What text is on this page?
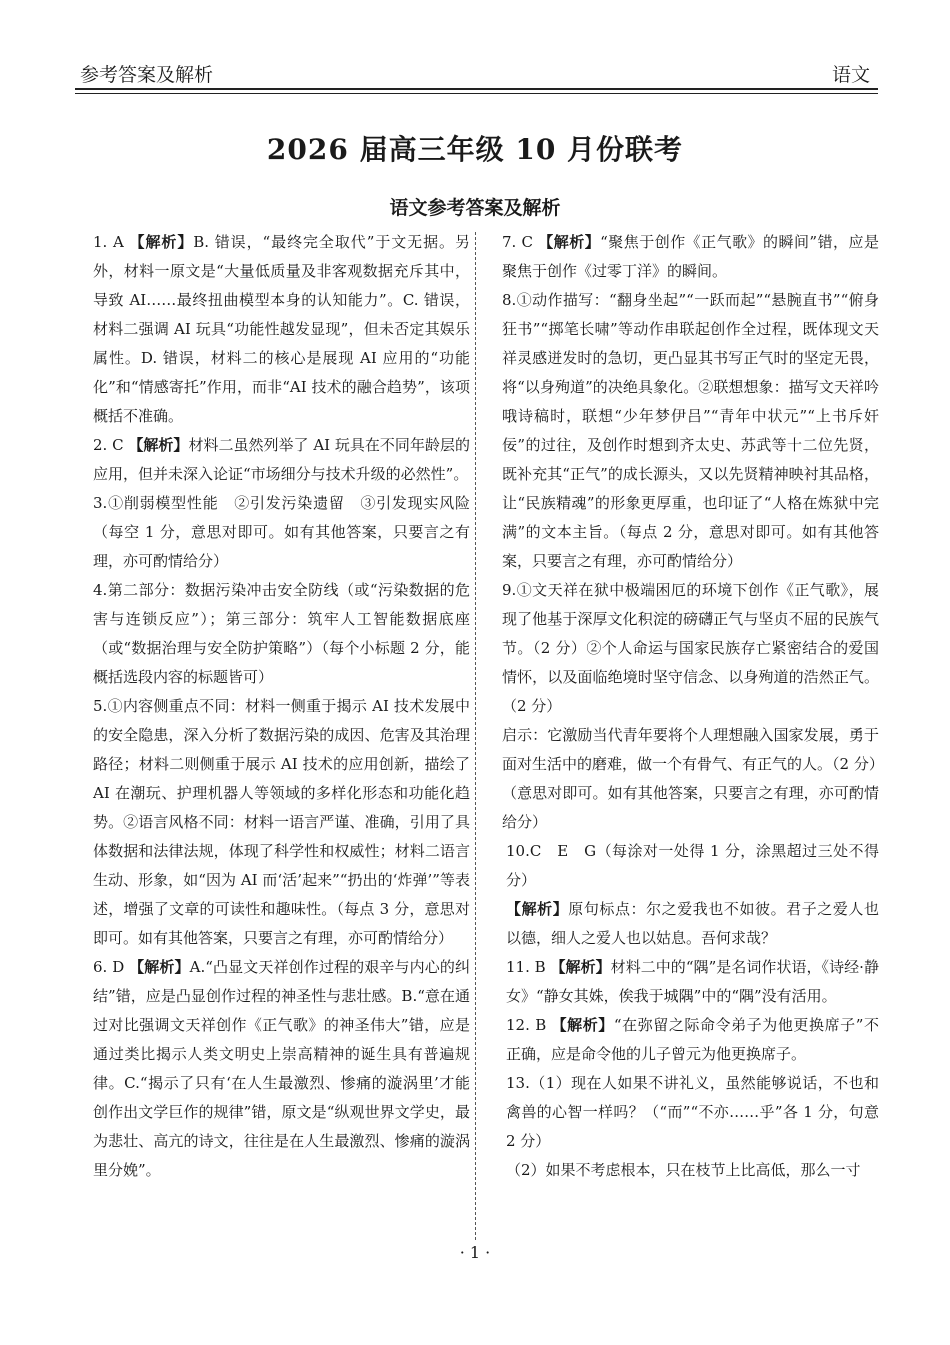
参考答案及解析	语文
2026 届高三年级 10 月份联考
语文参考答案及解析

1. A 【解析】B. 错误，“最终完全取代”于文无据。另外，材料一原文是“大量低质量及非客观数据充斥其中，导致 AI……最终扭曲模型本身的认知能力”。C. 错误，材料二强调 AI 玩具“功能性越发显现”，但未否定其娱乐属性。D. 错误，材料二的核心是展现 AI 应用的“功能化”和“情感寄托”作用，而非“AI 技术的融合趋势”，该项概括不准确。

2. C 【解析】材料二虽然列举了 AI 玩具在不同年龄层的应用，但并未深入论证“市场细分与技术升级的必然性”。

3.①削弱模型性能　②引发污染遗留　③引发现实风险　（每空 1 分，意思对即可。如有其他答案，只要言之有理，亦可酌情给分）

4.第二部分：数据污染冲击安全防线（或“污染数据的危害与连锁反应”）；第三部分：筑牢人工智能数据底座（或“数据治理与安全防护策略”）（每个小标题 2 分，能概括选段内容的标题皆可）

5.①内容侧重点不同：材料一侧重于揭示 AI 技术发展中的安全隐患，深入分析了数据污染的成因、危害及其治理路径；材料二则侧重于展示 AI 技术的应用创新，描绘了 AI 在潮玩、护理机器人等领域的多样化形态和功能化趋势。②语言风格不同：材料一语言严谨、准确，引用了具体数据和法律法规，体现了科学性和权威性；材料二语言生动、形象，如“因为 AI 而‘活’起来”“扔出的‘炸弹’”等表述，增强了文章的可读性和趣味性。（每点 3 分，意思对即可。如有其他答案，只要言之有理，亦可酌情给分）

6. D 【解析】A.“凸显文天祥创作过程的艰辛与内心的纠结”错，应是凸显创作过程的神圣性与悲壮感。B.“意在通过对比强调文天祥创作《正气歌》的神圣伟大”错，应是通过类比揭示人类文明史上崇高精神的诞生具有普遍规律。C.“揭示了只有‘在人生最激烈、惨痛的漩涡里’才能创作出文学巨作的规律”错，原文是“纵观世界文学史，最为悲壮、高亢的诗文，往往是在人生最激烈、惨痛的漩涡里分娩”。

7. C 【解析】“聚焦于创作《正气歌》的瞬间”错，应是聚焦于创作《过零丁洋》的瞬间。

8.①动作描写：“翻身坐起”“一跃而起”“悬腕直书”“俯身狂书”“掷笔长啸”等动作串联起创作全过程，既体现文天祥灵感迸发时的急切，更凸显其书写正气时的坚定无畏，将“以身殉道”的决绝具象化。②联想想象：描写文天祥吟哦诗稿时，联想“少年梦伊吕”“青年中状元”“上书斥奸佞”的过往，及创作时想到齐太史、苏武等十二位先贤，既补充其“正气”的成长源头，又以先贤精神映衬其品格，让“民族精魂”的形象更厚重，也印证了“人格在炼狱中完满”的文本主旨。（每点 2 分，意思对即可。如有其他答案，只要言之有理，亦可酌情给分）

9.①文天祥在狱中极端困厄的环境下创作《正气歌》，展现了他基于深厚文化积淀的磅礴正气与坚贞不屈的民族气节。（2 分）②个人命运与国家民族存亡紧密结合的爱国情怀，以及面临绝境时坚守信念、以身殉道的浩然正气。（2 分）

启示：它激励当代青年要将个人理想融入国家发展，勇于面对生活中的磨难，做一个有骨气、有正气的人。（2 分）

（意思对即可。如有其他答案，只要言之有理，亦可酌情给分）

10.C　E　G（每涂对一处得 1 分，涂黑超过三处不得分）

【解析】原句标点：尔之爱我也不如彼。君子之爱人也以德，细人之爱人也以姑息。吾何求哉？

11. B 【解析】材料二中的“隅”是名词作状语，《诗经·静女》“静女其姝，俟我于城隅”中的“隅”没有活用。

12. B 【解析】“在弥留之际命令弟子为他更换席子”不正确，应是命令他的儿子曾元为他更换席子。

13.（1）现在人如果不讲礼义，虽然能够说话，不也和禽兽的心智一样吗？（“而”“不亦……乎”各 1 分，句意 2 分）

（2）如果不考虑根本，只在枝节上比高低，那么一寸

· 1 ·
